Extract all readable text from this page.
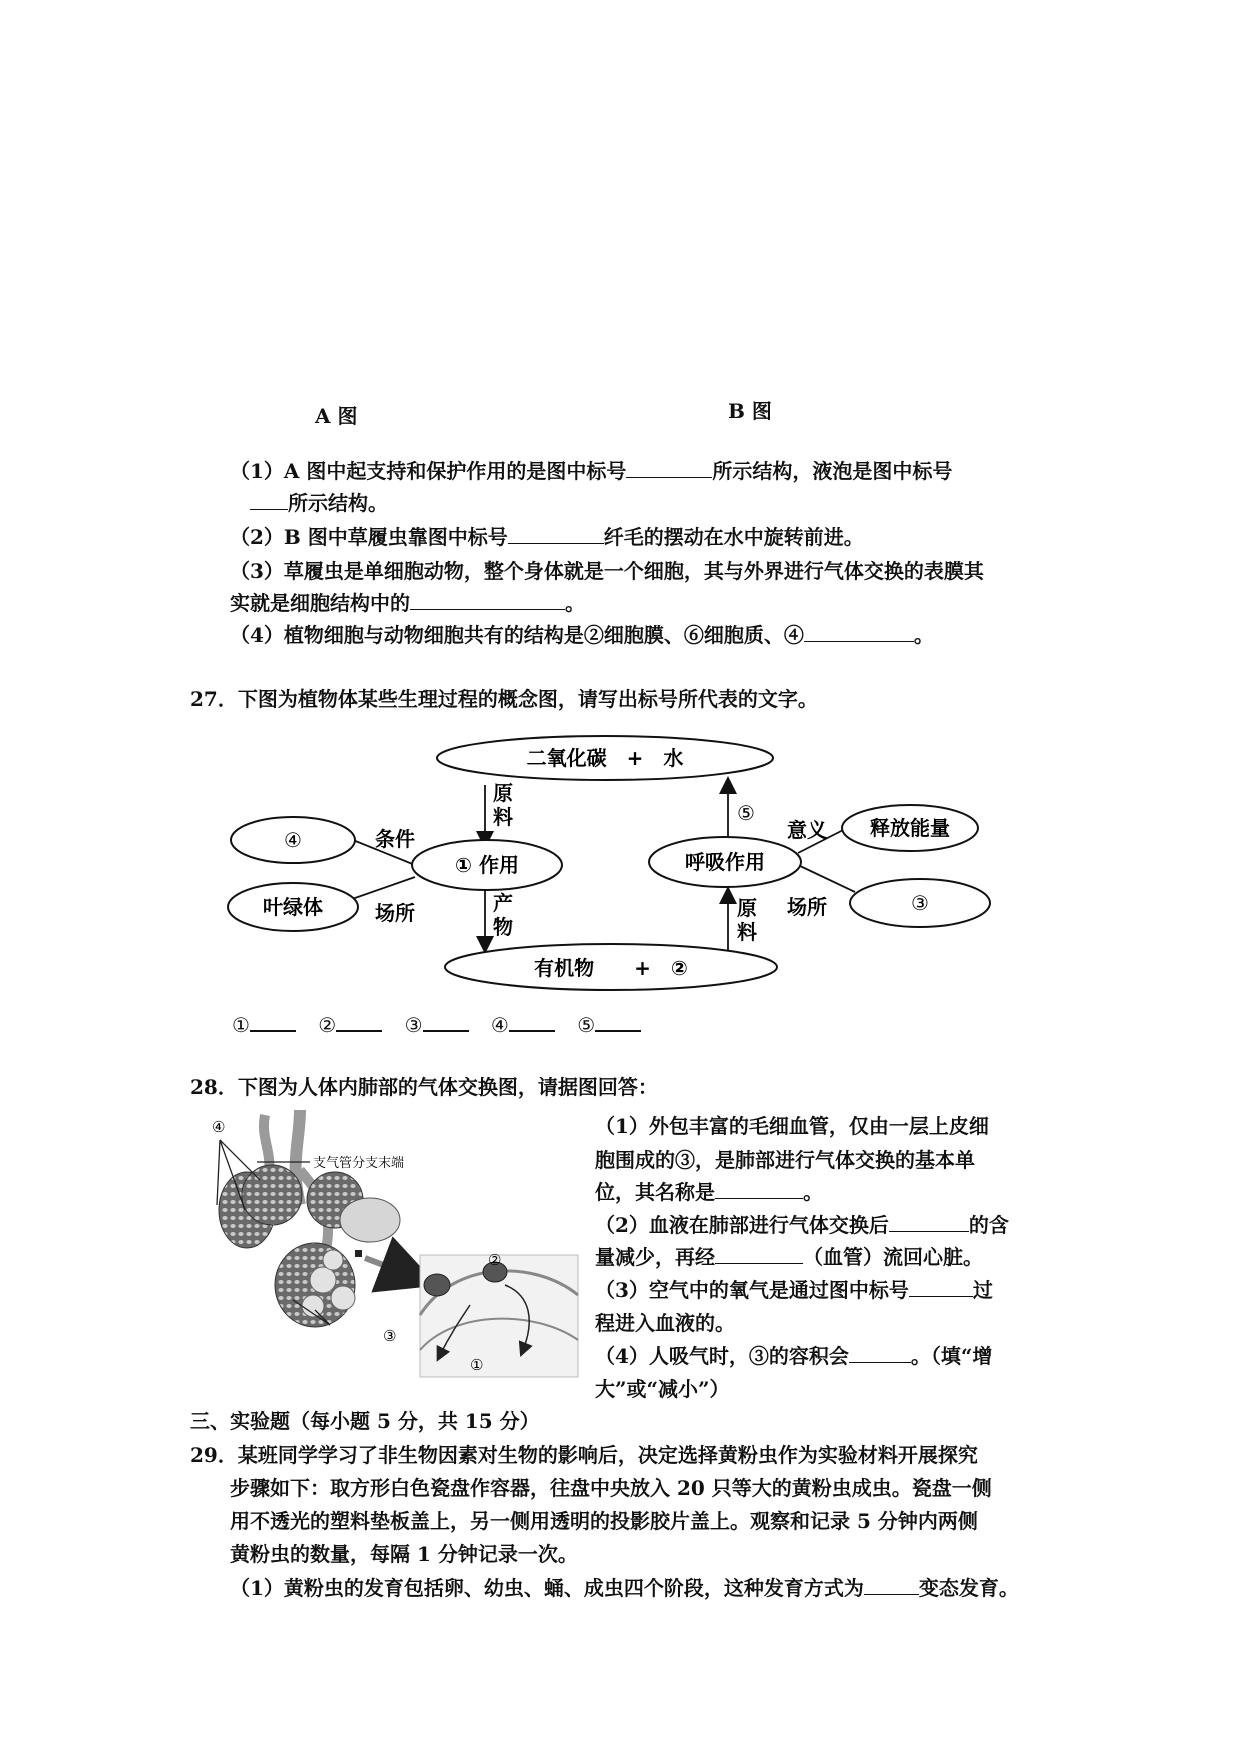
A 图	B 图
（1）A 图中起支持和保护作用的是图中标号	所示结构，液泡是图中标号
所示结构。
（2）B 图中草履虫靠图中标号	纤毛的摆动在水中旋转前进。
（3）草履虫是单细胞动物，整个身体就是一个细胞，其与外界进行气体交换的表膜其
实就是细胞结构中的	。
（4）植物细胞与动物细胞共有的结构是②细胞膜、⑥细胞质、④	。
27．下图为植物体某些生理过程的概念图，请写出标号所代表的文字。
二氧化碳　+　水
有机物　　+　②
① 作用	呼吸作用
④
叶绿体
释放能量
③
条件
场所
意义
场所
原
料
产
物
原
料
⑤
①	②	③	④	⑤
28．下图为人体内肺部的气体交换图，请据图回答：
④
支气管分支末端
②
③
①
（1）外包丰富的毛细血管，仅由一层上皮细
胞围成的③，是肺部进行气体交换的基本单
位，其名称是	。
（2）血液在肺部进行气体交换后	的含
量减少，再经	（血管）流回心脏。
（3）空气中的氧气是通过图中标号	过
程进入血液的。
（4）人吸气时，③的容积会	。（填“增
大”或“减小”）
三、实验题（每小题 5 分，共 15 分）
29．某班同学学习了非生物因素对生物的影响后，决定选择黄粉虫作为实验材料开展探究
步骤如下：取方形白色瓷盘作容器，往盘中央放入 20 只等大的黄粉虫成虫。瓷盘一侧
用不透光的塑料垫板盖上，另一侧用透明的投影胶片盖上。观察和记录 5 分钟内两侧
黄粉虫的数量，每隔 1 分钟记录一次。
（1）黄粉虫的发育包括卵、幼虫、蛹、成虫四个阶段，这种发育方式为	变态发育。
